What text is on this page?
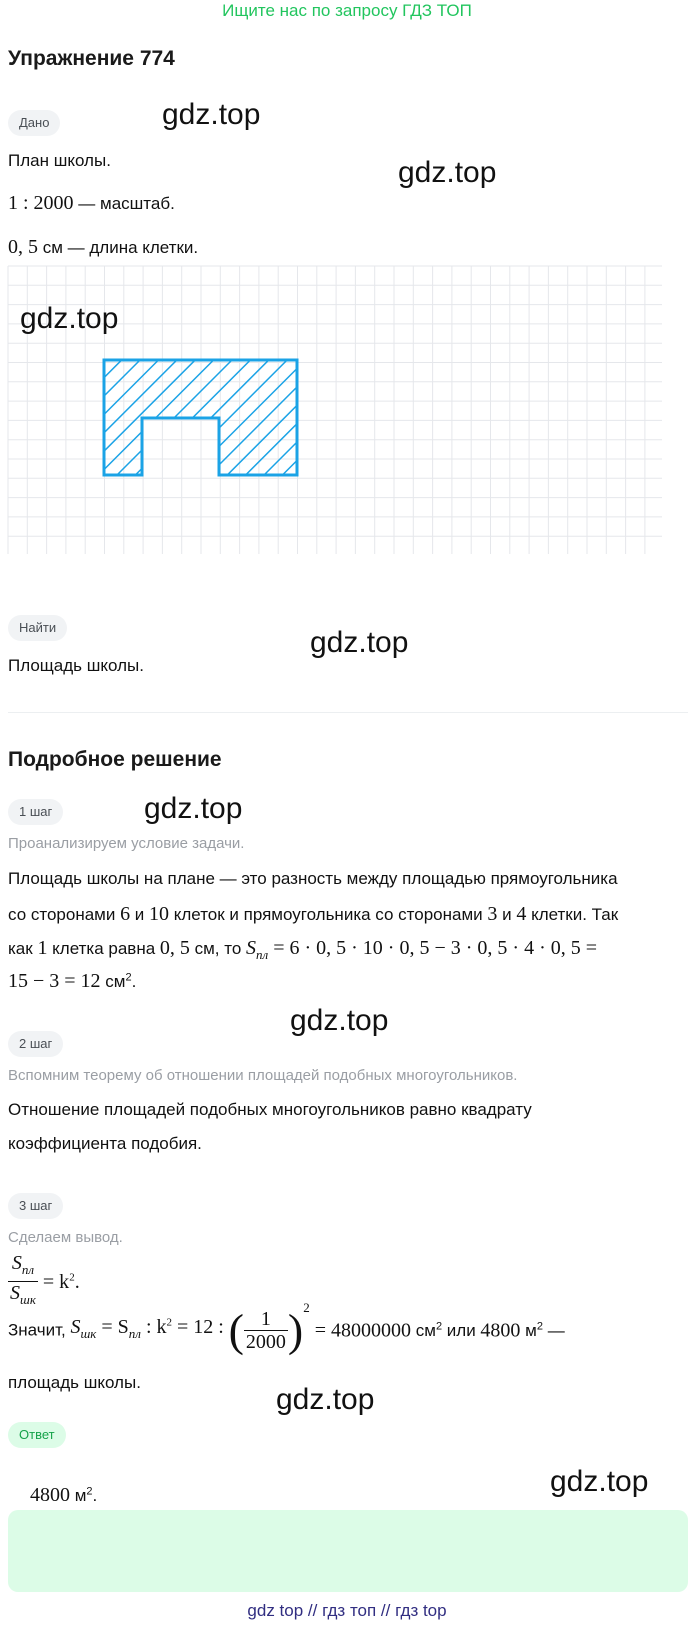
Ищите нас по запросу ГДЗ ТОП
Упражнение 774
Дано	gdz.top
План школы.	gdz.top
1 : 2000 — масштаб.
0, 5 см — длина клетки.
gdz.top
Найти	gdz.top
Площадь школы.
Подробное решение
1 шаг	gdz.top
Проанализируем условие задачи.
Площадь школы на плане — это разность между площадью прямоугольника
со сторонами 6 и 10 клеток и прямоугольника со сторонами 3 и 4 клетки. Так
как 1 клетка равна 0, 5 см, то $S_{пл} = 6 \cdot 0$, 5 · 10 · 0, 5 − 3 · 0, 5 · 4 · 0, 5 =
15 − 3 = 12 $см^2$.
gdz.top
2 шаг
Вспомним теорему об отношении площадей подобных многоугольников.
Отношение площадей подобных многоугольников равно квадрату
коэффициента подобия.
3 шаг
Сделаем вывод.
$\frac{S_{пл}}{S_{шк}} = k^2$.
Значит, $S_{шк} = S_{пл}$ : $k^2 = 12$ : ( $\frac{1}{2000} )^2 = 48000000$ $см^2$ или 4800 $м^2$ —
площадь школы.
gdz.top
Ответ
4800 $м^2$.	gdz.top
gdz top // гдз топ // гдз top
